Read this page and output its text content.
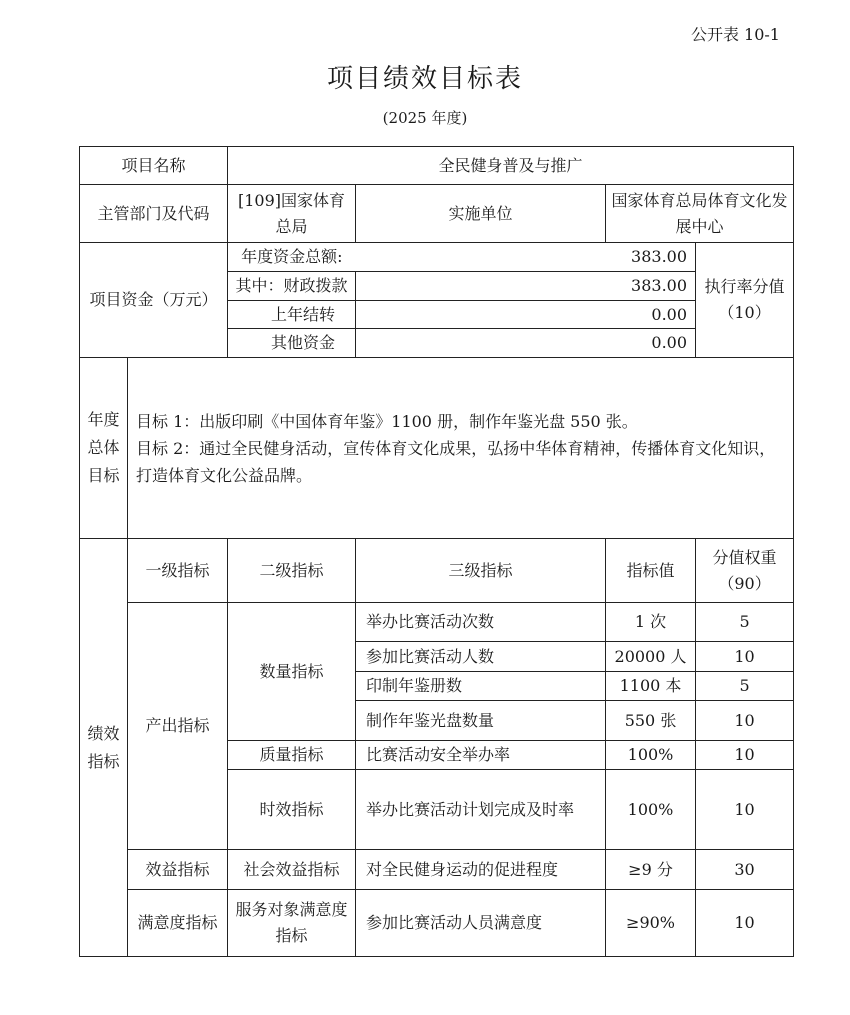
公开表 10-1
项目绩效目标表
(2025 年度)
项目名称		全民健身普及与推广			
主管部门及代码		[109]国家体育总局	实施单位	国家体育总局体育文化发展中心	
项目资金（万元）		年度资金总额:	383.00		执行率分值（10）
		其中：财政拨款	383.00		
		上年结转	0.00		
		其他资金	0.00		
年度总体目标	目标 1：出版印刷《中国体育年鉴》1100 册，制作年鉴光盘 550 张。
目标 2：通过全民健身活动，宣传体育文化成果，弘扬中华体育精神，传播体育文化知识，打造体育文化公益品牌。				

绩效指标	一级指标	二级指标	三级指标	指标值	分值权重（90）
	产出指标	数量指标	举办比赛活动次数	1 次	5
			参加比赛活动人数	20000 人	10
			印制年鉴册数	1100 本	5
			制作年鉴光盘数量	550 张	10
		质量指标	比赛活动安全举办率	100%	10
		时效指标	举办比赛活动计划完成及时率	100%	10
	效益指标	社会效益指标	对全民健身运动的促进程度	≥9 分	30
	满意度指标	服务对象满意度指标	参加比赛活动人员满意度	≥90%	10
